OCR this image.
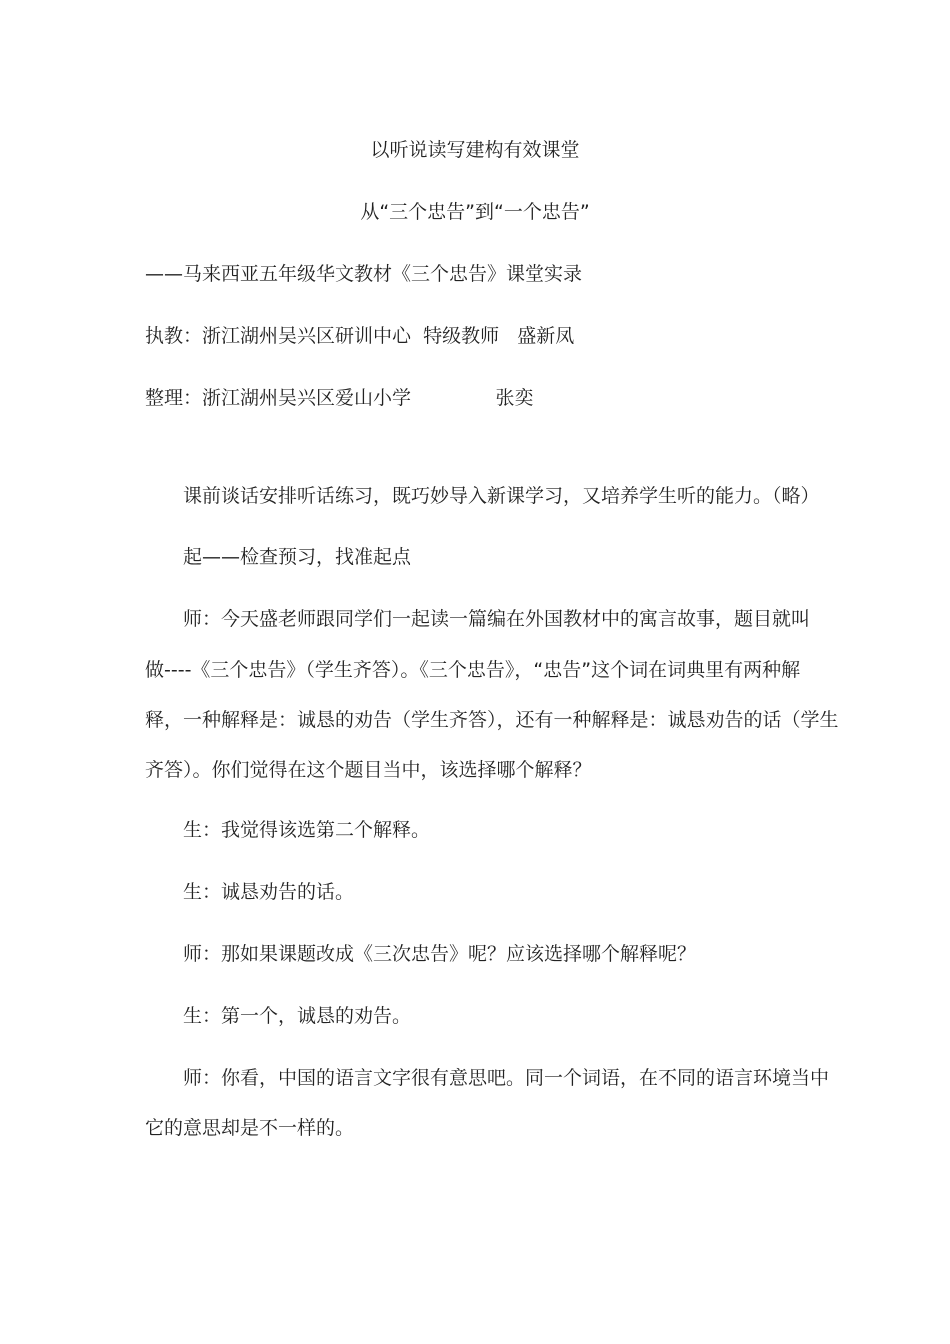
以听说读写建构有效课堂
从“三个忠告”到“一个忠告”
——马来西亚五年级华文教材《三个忠告》课堂实录
执教：浙江湖州吴兴区研训中心  特级教师   盛新凤
整理：浙江湖州吴兴区爱山小学              张奕
课前谈话安排听话练习，既巧妙导入新课学习，又培养学生听的能力。（略）
起——检查预习，找准起点
师：今天盛老师跟同学们一起读一篇编在外国教材中的寓言故事，题目就叫
做----《三个忠告》（学生齐答）。《三个忠告》，“忠告”这个词在词典里有两种解
释，一种解释是：诚恳的劝告（学生齐答），还有一种解释是：诚恳劝告的话（学生
齐答）。你们觉得在这个题目当中，该选择哪个解释？
生：我觉得该选第二个解释。
生：诚恳劝告的话。
师：那如果课题改成《三次忠告》呢？应该选择哪个解释呢？
生：第一个，诚恳的劝告。
师：你看，中国的语言文字很有意思吧。同一个词语，在不同的语言环境当中
它的意思却是不一样的。
